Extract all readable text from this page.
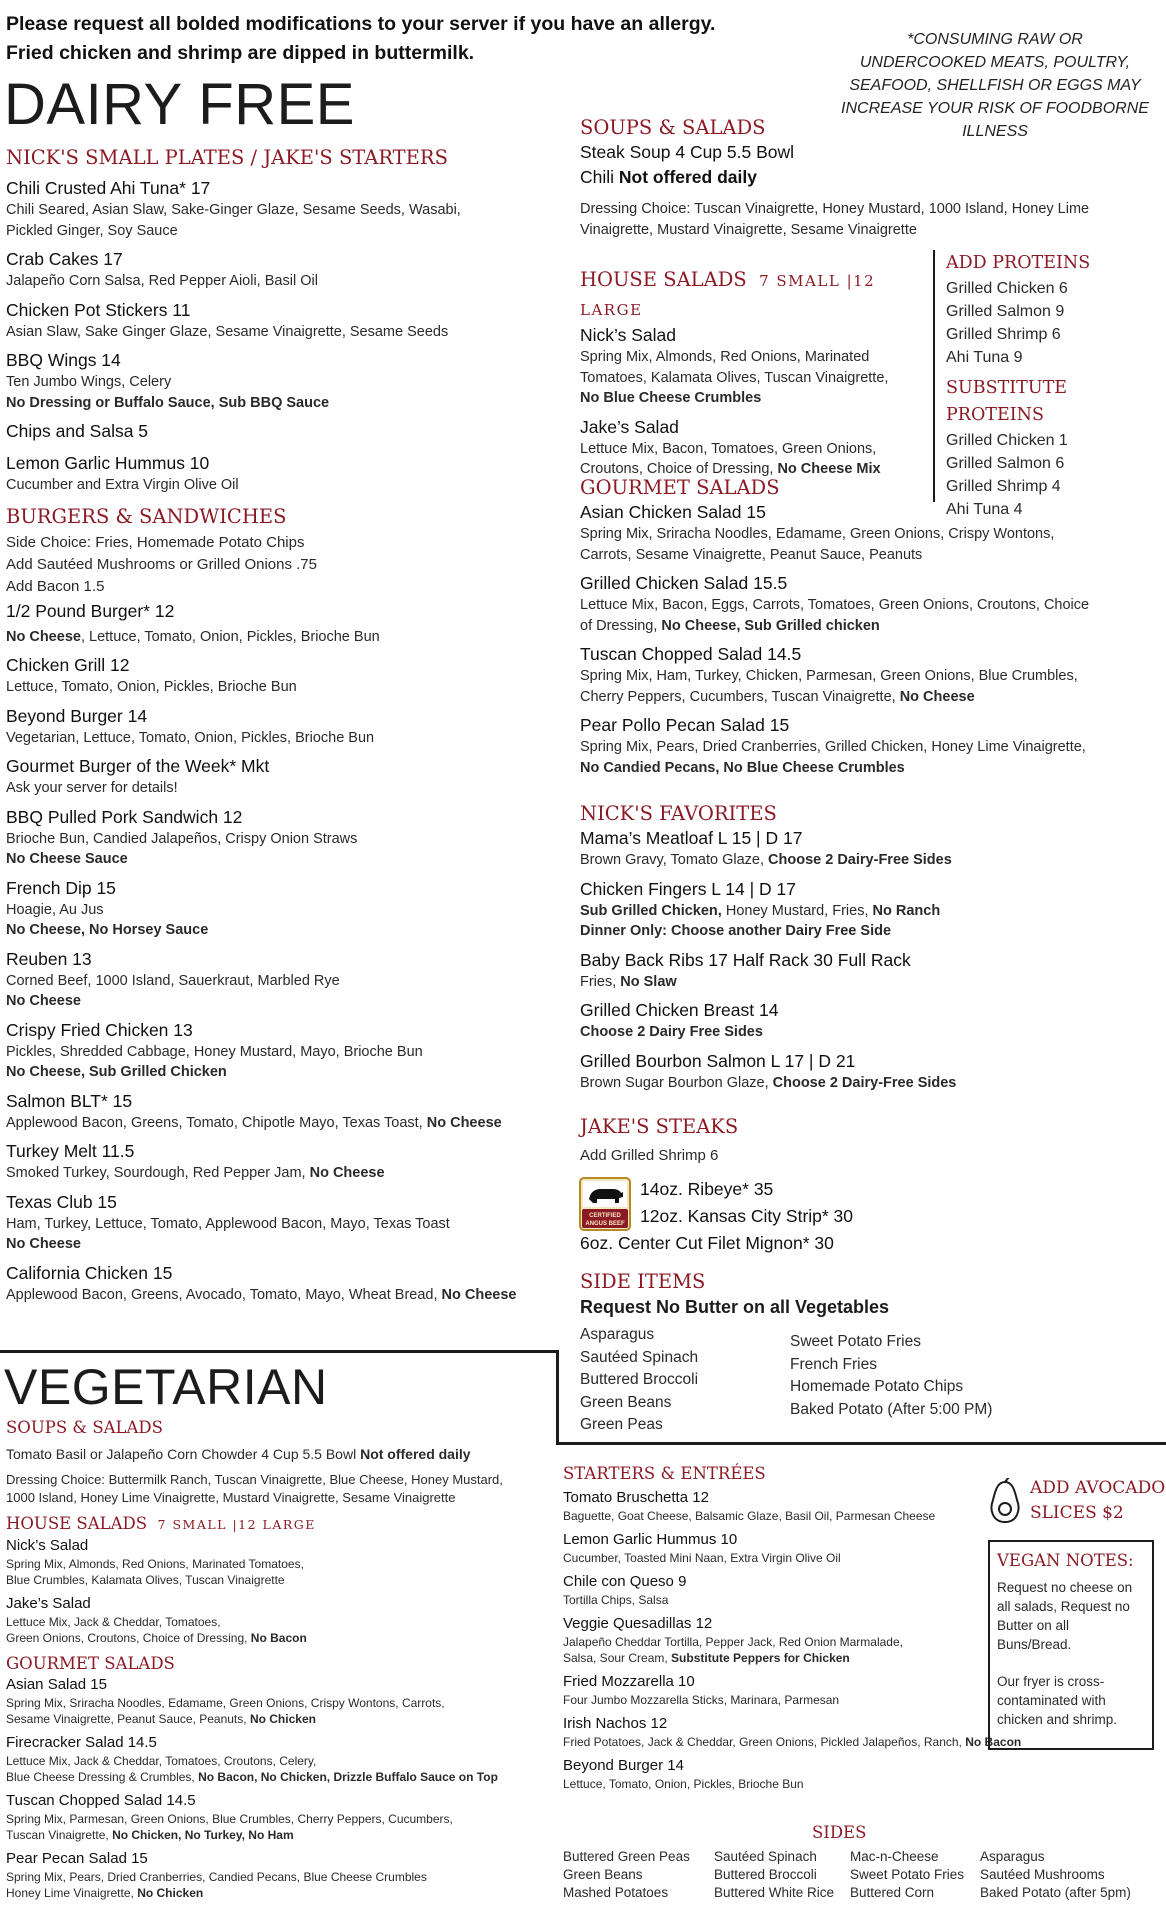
Please request all bolded modifications to your server if you have an allergy.
Fried chicken and shrimp are dipped in buttermilk.
*CONSUMING RAW OR
UNDERCOOKED MEATS, POULTRY,
SEAFOOD, SHELLFISH OR EGGS MAY
INCREASE YOUR RISK OF FOODBORNE
ILLNESS
DAIRY FREE
NICK'S SMALL PLATES / JAKE'S STARTERS
Chili Crusted Ahi Tuna* 17
Chili Seared, Asian Slaw, Sake-Ginger Glaze, Sesame Seeds, Wasabi,
Pickled Ginger, Soy Sauce
Crab Cakes 17
Jalapeño Corn Salsa, Red Pepper Aioli, Basil Oil
Chicken Pot Stickers 11
Asian Slaw, Sake Ginger Glaze, Sesame Vinaigrette, Sesame Seeds
BBQ Wings 14
Ten Jumbo Wings, Celery
No Dressing or Buffalo Sauce, Sub BBQ Sauce
Chips and Salsa 5
Lemon Garlic Hummus 10
Cucumber and Extra Virgin Olive Oil
BURGERS & SANDWICHES
Side Choice: Fries, Homemade Potato Chips
Add Sautéed Mushrooms or Grilled Onions .75
Add Bacon 1.5
1/2 Pound Burger* 12
No Cheese, Lettuce, Tomato, Onion, Pickles, Brioche Bun
Chicken Grill 12
Lettuce, Tomato, Onion, Pickles, Brioche Bun
Beyond Burger 14
Vegetarian, Lettuce, Tomato, Onion, Pickles, Brioche Bun
Gourmet Burger of the Week* Mkt
Ask your server for details!
BBQ Pulled Pork Sandwich 12
Brioche Bun, Candied Jalapeños, Crispy Onion Straws
No Cheese Sauce
French Dip 15
Hoagie, Au Jus
No Cheese, No Horsey Sauce
Reuben 13
Corned Beef, 1000 Island, Sauerkraut, Marbled Rye
No Cheese
Crispy Fried Chicken 13
Pickles, Shredded Cabbage, Honey Mustard, Mayo, Brioche Bun
No Cheese, Sub Grilled Chicken
Salmon BLT* 15
Applewood Bacon, Greens, Tomato, Chipotle Mayo, Texas Toast, No Cheese
Turkey Melt 11.5
Smoked Turkey, Sourdough, Red Pepper Jam, No Cheese
Texas Club 15
Ham, Turkey, Lettuce, Tomato, Applewood Bacon, Mayo, Texas Toast
No Cheese
California Chicken 15
Applewood Bacon, Greens, Avocado, Tomato, Mayo, Wheat Bread, No Cheese
SOUPS & SALADS
Steak Soup 4 Cup 5.5 Bowl
Chili Not offered daily
Dressing Choice: Tuscan Vinaigrette, Honey Mustard, 1000 Island, Honey Lime
Vinaigrette, Mustard Vinaigrette, Sesame Vinaigrette
HOUSE SALADS 7 SMALL |12 LARGE
Nick’s Salad
Spring Mix, Almonds, Red Onions, Marinated
Tomatoes, Kalamata Olives, Tuscan Vinaigrette,
No Blue Cheese Crumbles
Jake’s Salad
Lettuce Mix, Bacon, Tomatoes, Green Onions,
Croutons, Choice of Dressing, No Cheese Mix
ADD PROTEINS
Grilled Chicken 6
Grilled Salmon 9
Grilled Shrimp 6
Ahi Tuna 9
SUBSTITUTE PROTEINS
Grilled Chicken 1
Grilled Salmon 6
Grilled Shrimp 4
Ahi Tuna 4
GOURMET SALADS
Asian Chicken Salad 15
Spring Mix, Sriracha Noodles, Edamame, Green Onions, Crispy Wontons,
Carrots, Sesame Vinaigrette, Peanut Sauce, Peanuts
Grilled Chicken Salad 15.5
Lettuce Mix, Bacon, Eggs, Carrots, Tomatoes, Green Onions, Croutons, Choice
of Dressing, No Cheese, Sub Grilled chicken
Tuscan Chopped Salad 14.5
Spring Mix, Ham, Turkey, Chicken, Parmesan, Green Onions, Blue Crumbles,
Cherry Peppers, Cucumbers, Tuscan Vinaigrette, No Cheese
Pear Pollo Pecan Salad 15
Spring Mix, Pears, Dried Cranberries, Grilled Chicken, Honey Lime Vinaigrette,
No Candied Pecans, No Blue Cheese Crumbles
NICK'S FAVORITES
Mama’s Meatloaf L 15 | D 17
Brown Gravy, Tomato Glaze, Choose 2 Dairy-Free Sides
Chicken Fingers L 14 | D 17
Sub Grilled Chicken, Honey Mustard, Fries, No Ranch
Dinner Only: Choose another Dairy Free Side
Baby Back Ribs 17 Half Rack 30 Full Rack
Fries, No Slaw
Grilled Chicken Breast 14
Choose 2 Dairy Free Sides
Grilled Bourbon Salmon L 17 | D 21
Brown Sugar Bourbon Glaze, Choose 2 Dairy-Free Sides
JAKE'S STEAKS
Add Grilled Shrimp 6
CERTIFIED
ANGUS BEEF
14oz. Ribeye* 35
12oz. Kansas City Strip* 30
6oz. Center Cut Filet Mignon* 30
SIDE ITEMS
Request No Butter on all Vegetables
Asparagus
Sautéed Spinach
Buttered Broccoli
Green Beans
Green Peas
Sweet Potato Fries
French Fries
Homemade Potato Chips
Baked Potato (After 5:00 PM)
VEGETARIAN
SOUPS & SALADS
Tomato Basil or Jalapeño Corn Chowder 4 Cup 5.5 Bowl Not offered daily
Dressing Choice: Buttermilk Ranch, Tuscan Vinaigrette, Blue Cheese, Honey Mustard,
1000 Island, Honey Lime Vinaigrette, Mustard Vinaigrette, Sesame Vinaigrette
HOUSE SALADS 7 SMALL |12 LARGE
Nick’s Salad
Spring Mix, Almonds, Red Onions, Marinated Tomatoes,
Blue Crumbles, Kalamata Olives, Tuscan Vinaigrette
Jake’s Salad
Lettuce Mix, Jack & Cheddar, Tomatoes,
Green Onions, Croutons, Choice of Dressing, No Bacon
GOURMET SALADS
Asian Salad 15
Spring Mix, Sriracha Noodles, Edamame, Green Onions, Crispy Wontons, Carrots,
Sesame Vinaigrette, Peanut Sauce, Peanuts, No Chicken
Firecracker Salad 14.5
Lettuce Mix, Jack & Cheddar, Tomatoes, Croutons, Celery,
Blue Cheese Dressing & Crumbles, No Bacon, No Chicken, Drizzle Buffalo Sauce on Top
Tuscan Chopped Salad 14.5
Spring Mix, Parmesan, Green Onions, Blue Crumbles, Cherry Peppers, Cucumbers,
Tuscan Vinaigrette, No Chicken, No Turkey, No Ham
Pear Pecan Salad 15
Spring Mix, Pears, Dried Cranberries, Candied Pecans, Blue Cheese Crumbles
Honey Lime Vinaigrette, No Chicken
STARTERS & ENTRÉES
Tomato Bruschetta 12
Baguette, Goat Cheese, Balsamic Glaze, Basil Oil, Parmesan Cheese
Lemon Garlic Hummus 10
Cucumber, Toasted Mini Naan, Extra Virgin Olive Oil
Chile con Queso 9
Tortilla Chips, Salsa
Veggie Quesadillas 12
Jalapeño Cheddar Tortilla, Pepper Jack, Red Onion Marmalade,
Salsa, Sour Cream, Substitute Peppers for Chicken
Fried Mozzarella 10
Four Jumbo Mozzarella Sticks, Marinara, Parmesan
Irish Nachos 12
Fried Potatoes, Jack & Cheddar, Green Onions, Pickled Jalapeños, Ranch, No Bacon
Beyond Burger 14
Lettuce, Tomato, Onion, Pickles, Brioche Bun
ADD AVOCADO
SLICES $2
VEGAN NOTES:
Request no cheese on all salads, Request no Butter on all Buns/Bread.
Our fryer is cross-contaminated with chicken and shrimp.
SIDES
Buttered Green Peas
Green Beans
Mashed Potatoes
Sautéed Spinach
Buttered Broccoli
Buttered White Rice
Mac-n-Cheese
Sweet Potato Fries
Buttered Corn
Asparagus
Sautéed Mushrooms
Baked Potato (after 5pm)
